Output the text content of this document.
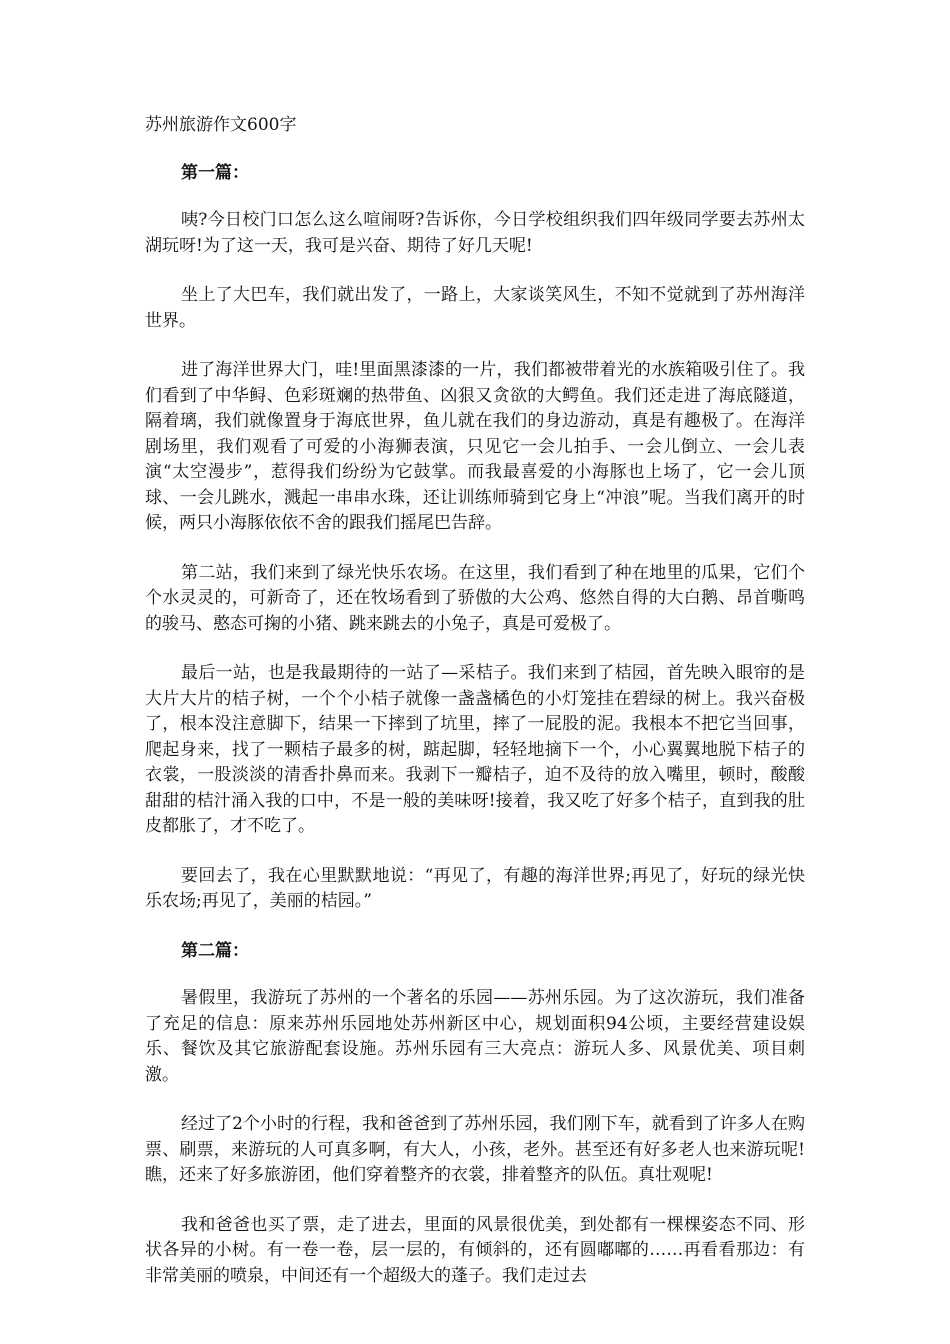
苏州旅游作文600字

第一篇：

咦?今日校门口怎么这么喧闹呀?告诉你，今日学校组织我们四年级同学要去苏州太湖玩呀!为了这一天，我可是兴奋、期待了好几天呢!

坐上了大巴车，我们就出发了，一路上，大家谈笑风生，不知不觉就到了苏州海洋世界。

进了海洋世界大门，哇!里面黑漆漆的一片，我们都被带着光的水族箱吸引住了。我们看到了中华鲟、色彩斑斓的热带鱼、凶狠又贪欲的大鳄鱼。我们还走进了海底隧道，隔着璃，我们就像置身于海底世界，鱼儿就在我们的身边游动，真是有趣极了。在海洋剧场里，我们观看了可爱的小海狮表演，只见它一会儿拍手、一会儿倒立、一会儿表演“太空漫步”，惹得我们纷纷为它鼓掌。而我最喜爱的小海豚也上场了，它一会儿顶球、一会儿跳水，溅起一串串水珠，还让训练师骑到它身上“冲浪”呢。当我们离开的时候，两只小海豚依依不舍的跟我们摇尾巴告辞。

第二站，我们来到了绿光快乐农场。在这里，我们看到了种在地里的瓜果，它们个个水灵灵的，可新奇了，还在牧场看到了骄傲的大公鸡、悠然自得的大白鹅、昂首嘶鸣的骏马、憨态可掬的小猪、跳来跳去的小兔子，真是可爱极了。

最后一站，也是我最期待的一站了—采桔子。我们来到了桔园，首先映入眼帘的是大片大片的桔子树，一个个小桔子就像一盏盏橘色的小灯笼挂在碧绿的树上。我兴奋极了，根本没注意脚下，结果一下摔到了坑里，摔了一屁股的泥。我根本不把它当回事，爬起身来，找了一颗桔子最多的树，踮起脚，轻轻地摘下一个，小心翼翼地脱下桔子的衣裳，一股淡淡的清香扑鼻而来。我剥下一瓣桔子，迫不及待的放入嘴里，顿时，酸酸甜甜的桔汁涌入我的口中，不是一般的美味呀!接着，我又吃了好多个桔子，直到我的肚皮都胀了，才不吃了。

要回去了，我在心里默默地说：“再见了，有趣的海洋世界;再见了，好玩的绿光快乐农场;再见了，美丽的桔园。”

第二篇：

暑假里，我游玩了苏州的一个著名的乐园——苏州乐园。为了这次游玩，我们准备了充足的信息：原来苏州乐园地处苏州新区中心，规划面积94公顷，主要经营建设娱乐、餐饮及其它旅游配套设施。苏州乐园有三大亮点：游玩人多、风景优美、项目刺激。

经过了2个小时的行程，我和爸爸到了苏州乐园，我们刚下车，就看到了许多人在购票、刷票，来游玩的人可真多啊，有大人，小孩，老外。甚至还有好多老人也来游玩呢!瞧，还来了好多旅游团，他们穿着整齐的衣裳，排着整齐的队伍。真壮观呢!

我和爸爸也买了票，走了进去，里面的风景很优美，到处都有一棵棵姿态不同、形状各异的小树。有一卷一卷，层一层的，有倾斜的，还有圆嘟嘟的……再看看那边：有非常美丽的喷泉，中间还有一个超级大的蓬子。我们走过去
